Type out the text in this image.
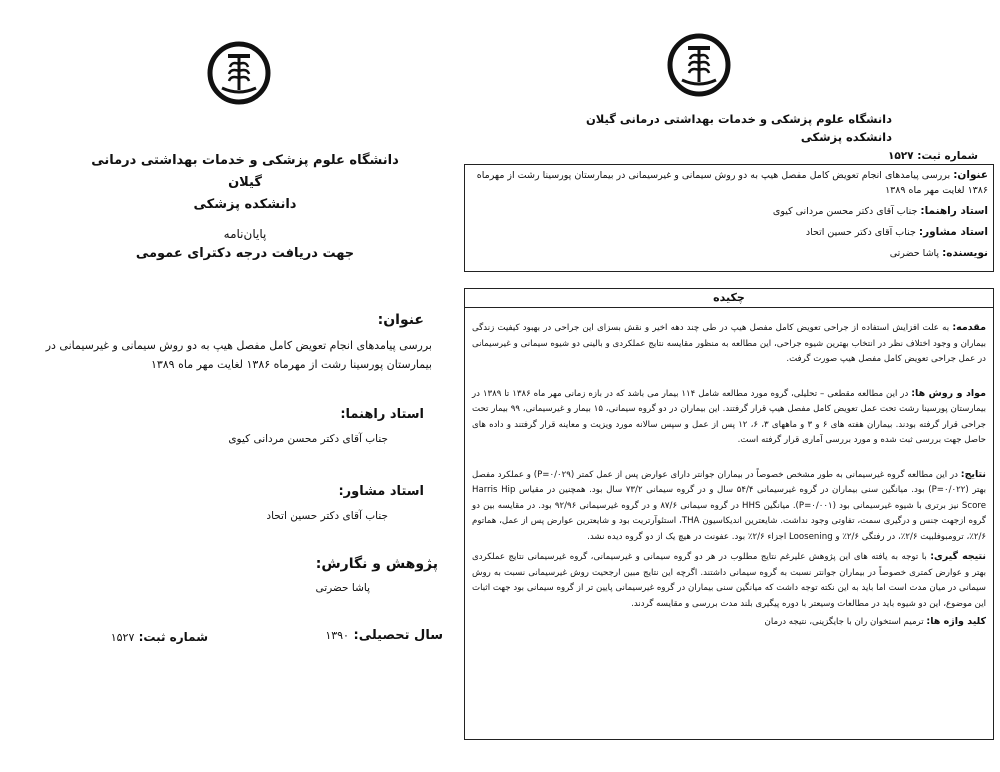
دانشگاه علوم پزشکی و خدمات بهداشتی درمانی گیلان
دانشکده پزشکی
پایان‌نامه
جهت دریافت درجه دکترای عمومی
عنوان:
بررسی پیامدهای انجام تعویض کامل مفصل هیپ به دو روش سیمانی و غیرسیمانی در بیمارستان پورسینا رشت از مهرماه ۱۳۸۶ لغایت مهر ماه ۱۳۸۹
استاد راهنما:
جناب آقای دکتر محسن مردانی کیوی
استاد مشاور:
جناب آقای دکتر حسین اتحاد
پژوهش و نگارش:
پاشا حضرتی
سال تحصیلی: ۱۳۹۰
شماره ثبت: ۱۵۲۷
دانشگاه علوم پزشکی و خدمات بهداشتی درمانی گیلان
دانشکده پزشکی
شماره ثبت: ۱۵۲۷
عنوان: بررسی پیامدهای انجام تعویض کامل مفصل هیپ به دو روش سیمانی و غیرسیمانی در بیمارستان پورسینا رشت از مهرماه ۱۳۸۶ لغایت مهر ماه ۱۳۸۹
استاد راهنما: جناب آقای دکتر محسن مردانی کیوی
استاد مشاور: جناب آقای دکتر حسین اتحاد
نویسنده: پاشا حضرتی
چکیده
مقدمه: به علت افزایش استفاده از جراحی تعویض کامل مفصل هیپ در طی چند دهه اخیر و نقش بسزای این جراحی در بهبود کیفیت زندگی بیماران و وجود اختلاف نظر در انتخاب بهترین شیوه جراحی، این مطالعه به منظور مقایسه نتایج عملکردی و بالینی دو شیوه سیمانی و غیرسیمانی در عمل جراحی تعویض کامل مفصل هیپ صورت گرفت.
مواد و روش ها: در این مطالعه مقطعی – تحلیلی، گروه مورد مطالعه شامل ۱۱۴ بیمار می باشد که در بازه زمانی مهر ماه ۱۳۸۶ تا ۱۳۸۹ در بیمارستان پورسینا رشت تحت عمل تعویض کامل مفصل هیپ قرار گرفتند. این بیماران در دو گروه سیمانی، ۱۵ بیمار و غیرسیمانی، ۹۹ بیمار تحت جراحی قرار گرفته بودند. بیماران هفته های ۶ و ۳ و ماههای ۳، ۶، ۱۲ پس از عمل و سپس سالانه مورد ویزیت و معاینه قرار گرفتند و داده های حاصل جهت بررسی ثبت شده و مورد بررسی آماری قرار گرفته است.
نتایج: در این مطالعه گروه غیرسیمانی به طور مشخص خصوصاً در بیماران جوانتر دارای عوارض پس از عمل کمتر (P=۰/۰۲۹) و عملکرد مفصل بهتر (P=۰/۰۲۲) بود. میانگین سنی بیماران در گروه غیرسیمانی ۵۴/۴ سال و در گروه سیمانی ۷۳/۲ سال بود. همچنین در مقیاس Harris Hip Score نیز برتری با شیوه غیرسیمانی بود (P=۰/۰۰۱). میانگین HHS در گروه سیمانی ۸۷/۶ و در گروه غیرسیمانی ۹۲/۹۶ بود. در مقایسه بین دو گروه ازجهت جنس و درگیری سمت، تفاوتی وجود نداشت. شایعترین اندیکاسیون THA، استئوآرتریت بود و شایعترین عوارض پس از عمل، هماتوم ۲/۶٪، ترومبوفلبیت ۲/۶٪، در رفتگی ۲/۶٪ و Loosening اجزاء ۲/۶٪ بود. عفونت در هیچ یک از دو گروه دیده نشد.
نتیجه گیری: با توجه به یافته های این پژوهش علیرغم نتایج مطلوب در هر دو گروه سیمانی و غیرسیمانی، گروه غیرسیمانی نتایج عملکردی بهتر و عوارض کمتری خصوصاً در بیماران جوانتر نسبت به گروه سیمانی داشتند. اگرچه این نتایج مبین ارجحیت روش غیرسیمانی نسبت به روش سیمانی در میان مدت است اما باید به این نکته توجه داشت که میانگین سنی بیماران در گروه غیرسیمانی پایین تر از گروه سیمانی بود جهت اثبات این موضوع، این دو شیوه باید در مطالعات وسیعتر با دوره پیگیری بلند مدت بررسی و مقایسه گردند.
کلید واژه ها: ترمیم استخوان ران با جایگزینی، نتیجه درمان
